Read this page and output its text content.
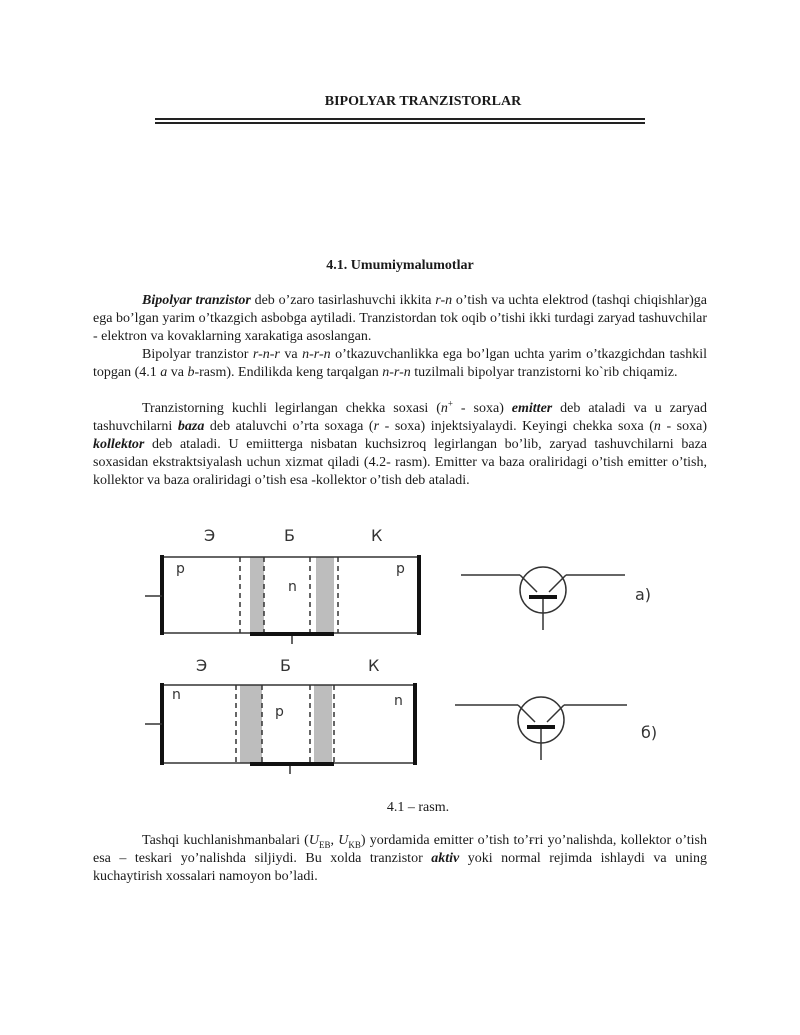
BIPOLYAR TRANZISTORLAR
4.1. Umumiymalumotlar

Bipolyar tranzistor deb o’zaro tasirlashuvchi ikkita r-n o’tish va uchta elektrod (tashqi chiqishlar)ga ega bo’lgan yarim o’tkazgich asbobga aytiladi. Tranzistordan tok oqib o’tishi ikki turdagi zaryad tashuvchilar - elektron va kovaklarning xarakatiga asoslangan.

Bipolyar tranzistor r-n-r va n-r-n o’tkazuvchanlikka ega bo’lgan uchta yarim o’tkazgichdan tashkil topgan (4.1 a va b-rasm). Endilikda keng tarqalgan n-r-n tuzilmali bipolyar tranzistorni ko`rib chiqamiz.

Tranzistorning kuchli legirlangan chekka soxasi (n+ - soxa) emitter deb ataladi va u zaryad tashuvchilarni baza deb ataluvchi o’rta soxaga (r - soxa) injektsiyalaydi. Keyingi chekka soxa (n - soxa) kollektor deb ataladi. U emiitterga nisbatan kuchsizroq legirlangan bo’lib, zaryad tashuvchilarni baza soxasidan ekstraktsiyalash uchun xizmat qiladi (4.2- rasm). Emitter va baza oraliridagi o’tish emitter o’tish, kollektor va baza oraliridagi o’tish esa -kollektor o’tish deb ataladi.

Э	Б	К
p
n
p
a)
Э	Б	К
n
p
n
б)
4.1 – rasm.

Tashqi kuchlanishmanbalari ($U_{EB}$, $U_{KB}$) yordamida emitter o’tish to’ғri yo’nalishda, kollektor o’tish esa – teskari yo’nalishda siljiydi. Bu xolda tranzistor aktiv yoki normal rejimda ishlaydi va uning kuchaytirish xossalari namoyon bo’ladi.
